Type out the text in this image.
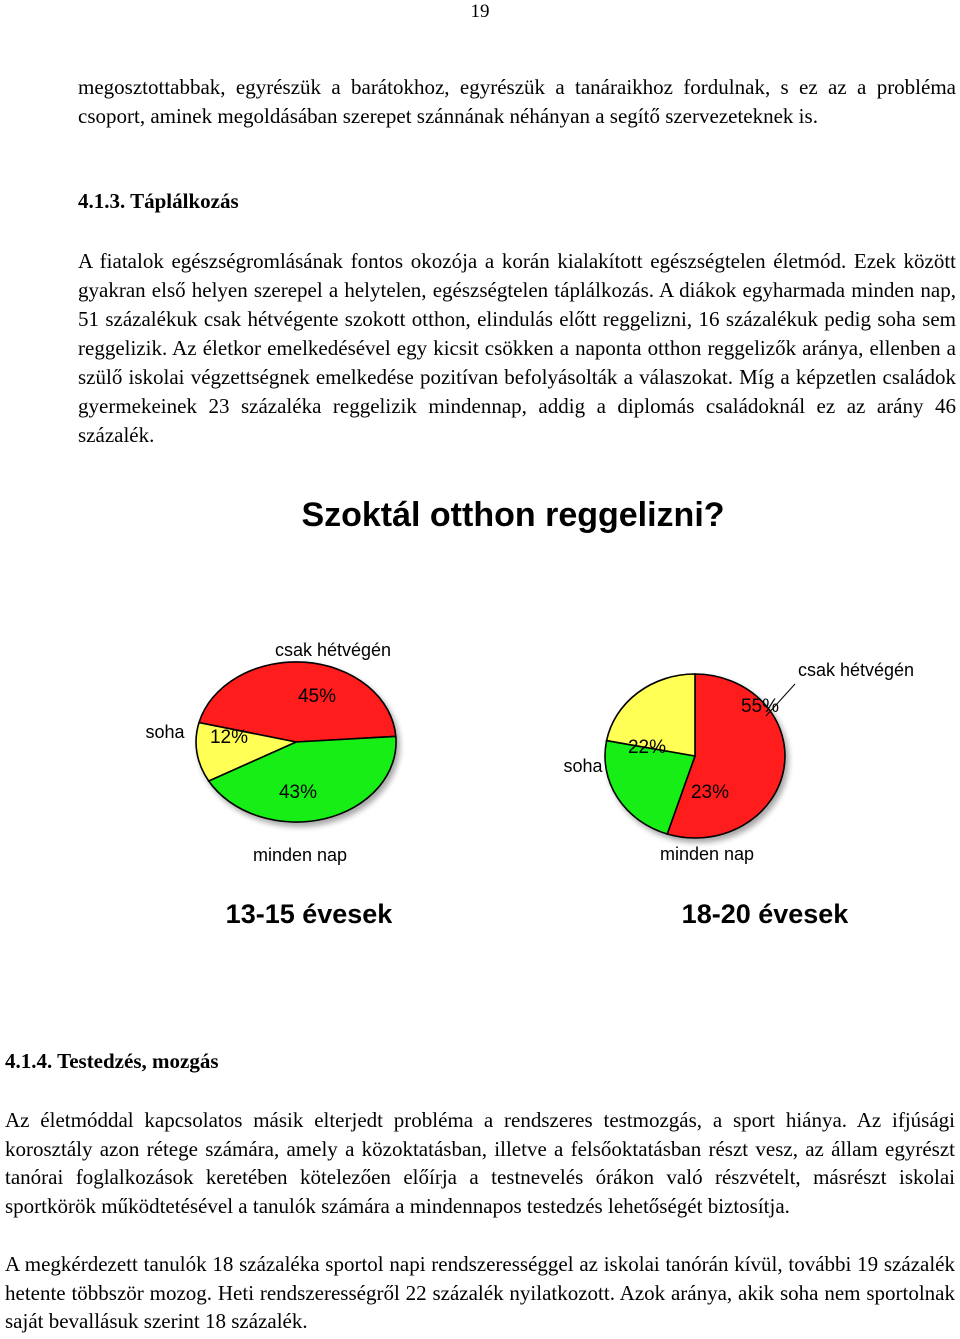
19

megosztottabbak, egyrészük a barátokhoz, egyrészük a tanáraikhoz fordulnak, s ez az a probléma csoport, aminek megoldásában szerepet szánnának néhányan a segítő szervezeteknek is.

4.1.3. Táplálkozás

A fiatalok egészségromlásának fontos okozója a korán kialakított egészségtelen életmód. Ezek között gyakran első helyen szerepel a helytelen, egészségtelen táplálkozás. A diákok egyharmada minden nap, 51 százalékuk csak hétvégente szokott otthon, elindulás előtt reggelizni, 16 százalékuk pedig soha sem reggelizik. Az életkor emelkedésével egy kicsit csökken a naponta otthon reggelizők aránya, ellenben a szülő iskolai végzettségnek emelkedése pozitívan befolyásolták a válaszokat. Míg a képzetlen családok gyermekeinek 23 százaléka reggelizik mindennap, addig a diplomás családoknál ez az arány 46 százalék.

Szoktál otthon reggelizni?
45%
csak hétvégén
43%
minden nap
12%
soha
13-15 évesek
55%
csak hétvégén
23%
minden nap
22%
soha
18-20 évesek
4.1.4. Testedzés, mozgás

Az életmóddal kapcsolatos másik elterjedt probléma a rendszeres testmozgás, a sport hiánya. Az ifjúsági korosztály azon rétege számára, amely a közoktatásban, illetve a felsőoktatásban részt vesz, az állam egyrészt tanórai foglalkozások keretében kötelezően előírja a testnevelés órákon való részvételt, másrészt iskolai sportkörök működtetésével a tanulók számára a mindennapos testedzés lehetőségét biztosítja.

A megkérdezett tanulók 18 százaléka sportol napi rendszerességgel az iskolai tanórán kívül, további 19 százalék hetente többször mozog. Heti rendszerességről 22 százalék nyilatkozott. Azok aránya, akik soha nem sportolnak saját bevallásuk szerint 18 százalék.
